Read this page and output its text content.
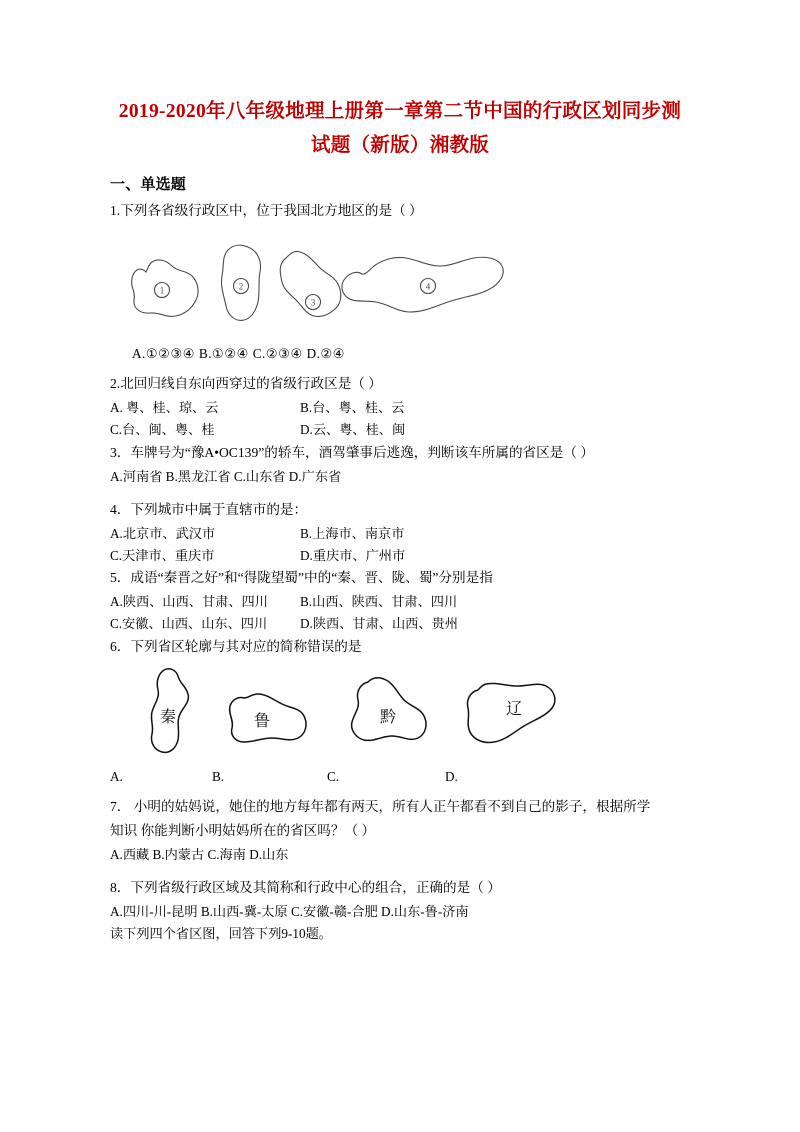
2019-2020年八年级地理上册第一章第二节中国的行政区划同步测
试题（新版）湘教版
一、单选题
1.下列各省级行政区中，位于我国北方地区的是（ ）
1	2
3
4
A.①②③④ B.①②④ C.②③④ D.②④
2.北回归线自东向西穿过的省级行政区是（ ）
A. 粤、桂、琼、云	B.台、粤、桂、云
C.台、闽、粤、桂	D.云、粤、桂、闽
3．车牌号为“豫A•OC139”的轿车，酒驾肇事后逃逸，判断该车所属的省区是（ ）
A.河南省 B.黑龙江省 C.山东省 D.广东省
4．下列城市中属于直辖市的是：
A.北京市、武汉市	B.上海市、南京市
C.天津市、重庆市	D.重庆市、广州市
5．成语“秦晋之好”和“得陇望蜀”中的“秦、晋、陇、蜀”分别是指
A.陕西、山西、甘肃、四川	B.山西、陕西、甘肃、四川
C.安徽、山西、山东、四川	D.陕西、甘肃、山西、贵州
6．下列省区轮廓与其对应的简称错误的是
秦	鲁	黔	辽
A.	B.	C.	D.
7． 小明的姑妈说，她住的地方每年都有两天，所有人正午都看不到自己的影子，根据所学
知识 你能判断小明姑妈所在的省区吗？（ ）
A.西藏 B.内蒙古 C.海南 D.山东
8．下列省级行政区域及其简称和行政中心的组合，正确的是（ ）
A.四川-川-昆明 B.山西-冀-太原 C.安徽-赣-合肥 D.山东-鲁-济南
读下列四个省区图，回答下列9-10题。
